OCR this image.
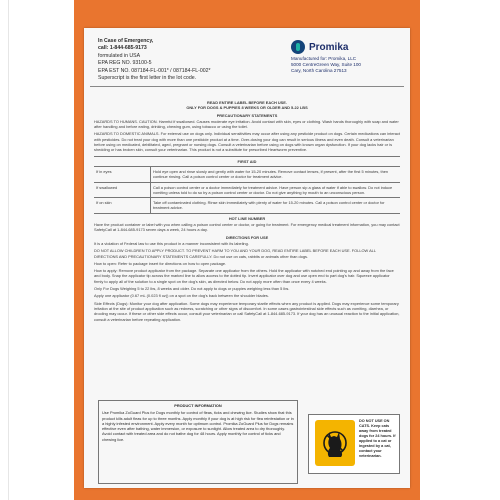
In Case of Emergency,
call: 1-844-685-9173
formulated in USA
EPA REG NO. 93100-5
EPA EST NO. 087184-FL-001* / 087184-FL-002*
Superscript is the first letter in the lot code.
Promika
Manufactured for: Promika, LLC
5000 CentreGreen Way, Suite 100
Cary, North Carolina 27513
READ ENTIRE LABEL BEFORE EACH USE.
ONLY FOR DOGS & PUPPIES 8 WEEKS OR OLDER AND 5-22 LBS
PRECAUTIONARY STATEMENTS

HAZARDS TO HUMANS. CAUTION. Harmful if swallowed. Causes moderate eye irritation. Avoid contact with skin, eyes or clothing. Wash hands thoroughly with soap and water after handling and before eating, drinking, chewing gum, using tobacco or using the toilet.

HAZARDS TO DOMESTIC ANIMALS. For external use on dogs only. Individual sensitivities may occur after using any pesticide product on dogs. Certain medications can interact with pesticides. Do not treat your dog with more than one pesticide product at a time. Over-dosing your dog can result in serious illness and even death. Consult a veterinarian before using on medicated, debilitated, aged, pregnant or nursing dogs. Consult a veterinarian before using on dogs with known organ dysfunction. If your dog lacks hair or is shedding or has broken skin, consult your veterinarian. This product is not a substitute for prescribed Heartworm preventive.

FIRST AID
If in eyes	Hold eye open and rinse slowly and gently with water for 15-20 minutes. Remove contact lenses, if present, after the first 5 minutes, then continue rinsing. Call a poison control center or doctor for treatment advice.
If swallowed	Call a poison control center or a doctor immediately for treatment advice. Have person sip a glass of water if able to swallow. Do not induce vomiting unless told to do so by a poison control center or doctor. Do not give anything by mouth to an unconscious person.
If on skin	Take off contaminated clothing. Rinse skin immediately with plenty of water for 15-20 minutes. Call a poison control center or doctor for treatment advice.
HOT LINE NUMBER

Have the product container or label with you when calling a poison control center or doctor, or going for treatment. For emergency medical treatment information, you may contact SafetyCall at 1-844-685-9173 seven days a week, 24 hours a day.

DIRECTIONS FOR USE

It is a violation of Federal law to use this product in a manner inconsistent with its labeling.

DO NOT ALLOW CHILDREN TO APPLY PRODUCT. TO PREVENT HARM TO YOU AND YOUR DOG, READ ENTIRE LABEL BEFORE EACH USE. FOLLOW ALL DIRECTIONS AND PRECAUTIONARY STATEMENTS CAREFULLY. Do not use on cats, rabbits or animals other than dogs.

How to open: Refer to package insert for directions on how to open package.

How to apply: Remove product applicator from the package. Separate one applicator from the others. Hold the applicator with notched end pointing up and away from the face and body. Snap the applicator tip across the marked line to allow access to the dotted tip. Invert applicator over dog and use open end to part dog's hair. Squeeze applicator firmly to apply all of the solution to a single spot on the dog's skin, as directed below. Do not apply more often than once every 4 weeks.

Only For Dogs Weighing 5 to 22 lbs, 8 weeks and older. Do not apply to dogs or puppies weighing less than 5 lbs.

Apply one applicator (0.67 mL (0.023 fl oz)) on a spot on the dog's back between the shoulder blades.

Side Effects (Dogs): Monitor your dog after application. Some dogs may experience temporary startle effects when any product is applied. Dogs may experience some temporary irritation at the site of product application such as redness, scratching or other signs of discomfort. In some cases gastrointestinal side effects such as vomiting, diarrhea, or drooling may occur. If these or other side effects occur, consult your veterinarian or call SafetyCall at 1-844-685-9173. If your dog has an unusual reaction to the initial application, consult a veterinarian before repeating application.

PRODUCT INFORMATION
Use Promika ZoGuard Plus for Dogs monthly for control of fleas, ticks and chewing lice. Studies show that this product kills adult fleas for up to three months. Apply monthly if your dog is at high risk for flea reinfestation or in a highly infested environment. Apply every month for optimum control. Promika ZoGuard Plus for Dogs remains effective even after bathing, water immersion, or exposure to sunlight. Allow treated area to dry thoroughly. Avoid contact with treated area and do not bathe dog for 48 hours. Apply monthly for control of ticks and chewing lice.
DO NOT USE ON CATS. Keep cats away from treated dogs for 24 hours. If applied to a cat or ingested by a cat, contact your veterinarian.
